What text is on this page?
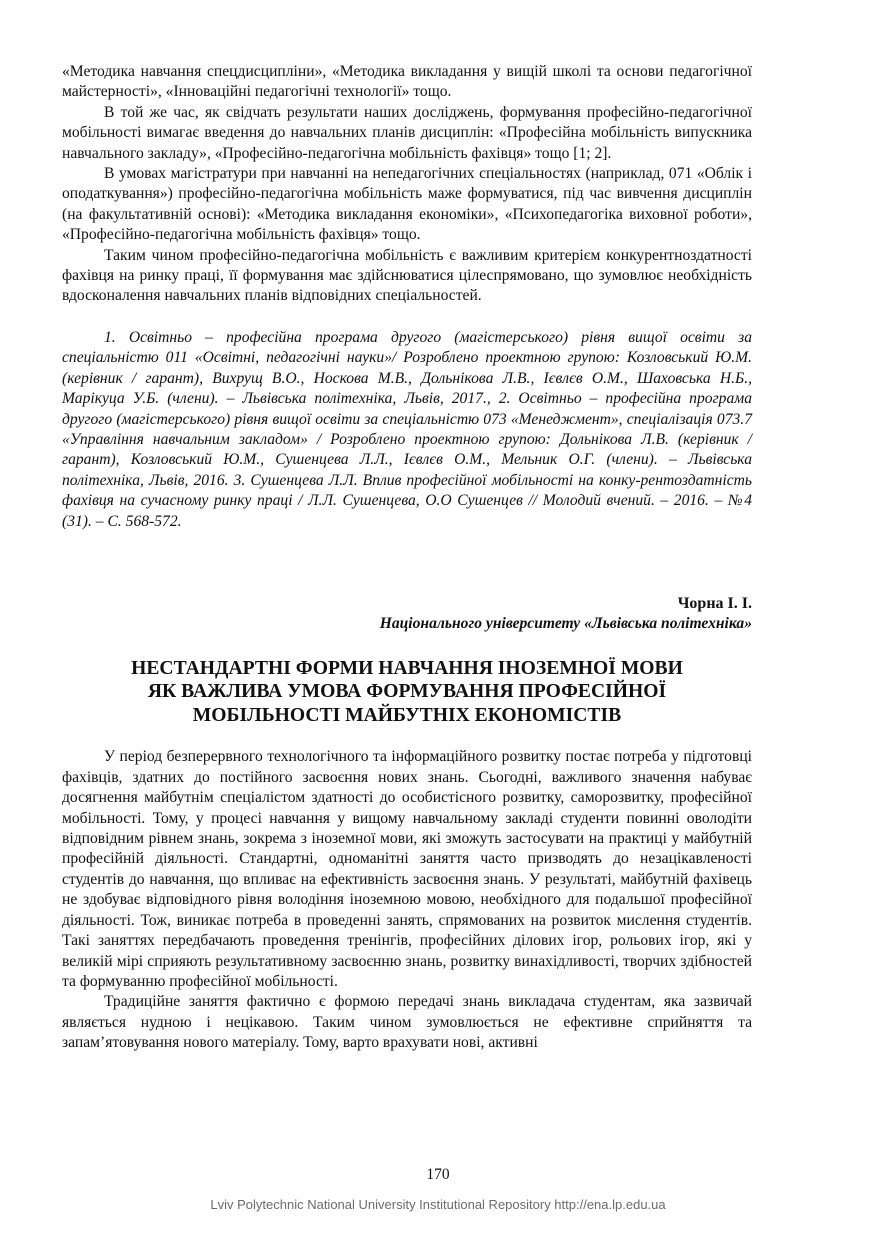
«Методика навчання спецдисципліни», «Методика викладання у вищій школі та основи педагогічної майстерності», «Інноваційні педагогічні технології» тощо.

В той же час, як свідчать результати наших досліджень, формування професійно-педагогічної мобільності вимагає введення до навчальних планів дисциплін: «Професійна мобільність випускника навчального закладу», «Професійно-педагогічна мобільність фахівця» тощо [1; 2].

В умовах магістратури при навчанні на непедагогічних спеціальностях (наприклад, 071 «Облік і оподаткування») професійно-педагогічна мобільність маже формуватися, під час вивчення дисциплін (на факультативній основі): «Методика викладання економіки», «Психопедагогіка виховної роботи», «Професійно-педагогічна мобільність фахівця» тощо.

Таким чином професійно-педагогічна мобільність є важливим критерієм конкурентноздатності фахівця на ринку праці, її формування має здійснюватися цілеспрямовано, що зумовлює необхідність вдосконалення навчальних планів відповідних спеціальностей.

1. Освітньо – професійна програма другого (магістерського) рівня вищої освіти за спеціальністю 011 «Освітні, педагогічні науки»/ Розроблено проектною групою: Козловський Ю.М. (керівник / гарант), Вихрущ В.О., Носкова М.В., Дольнікова Л.В., Ієвлєв О.М., Шаховська Н.Б., Марікуца У.Б. (члени). – Львівська політехніка, Львів, 2017., 2. Освітньо – професійна програма другого (магістерського) рівня вищої освіти за спеціальністю 073 «Менеджмент», спеціалізація 073.7 «Управління навчальним закладом» / Розроблено проектною групою: Дольнікова Л.В. (керівник / гарант), Козловський Ю.М., Сушенцева Л.Л., Ієвлєв О.М., Мельник О.Г. (члени). – Львівська політехніка, Львів, 2016. 3. Сушенцева Л.Л. Вплив професійної мобільності на конку-рентоздатність фахівця на сучасному ринку праці / Л.Л. Сушенцева, О.О Сушенцев // Молодий вчений. – 2016. – №4 (31). – С. 568-572.

Чорна І. І.
Національного університету «Львівська політехніка»
НЕСТАНДАРТНІ ФОРМИ НАВЧАННЯ ІНОЗЕМНОЇ МОВИ
ЯК ВАЖЛИВА УМОВА ФОРМУВАННЯ ПРОФЕСІЙНОЇ
МОБІЛЬНОСТІ МАЙБУТНІХ ЕКОНОМІСТІВ

У період безперервного технологічного та інформаційного розвитку постає потреба у підготовці фахівців, здатних до постійного засвоєння нових знань. Сьогодні, важливого значення набуває досягнення майбутнім спеціалістом здатності до особистісного розвитку, саморозвитку, професійної мобільності. Тому, у процесі навчання у вищому навчальному закладі студенти повинні оволодіти відповідним рівнем знань, зокрема з іноземної мови, які зможуть застосувати на практиці у майбутній професійній діяльності. Стандартні, одноманітні заняття часто призводять до незацікавленості студентів до навчання, що впливає на ефективність засвоєння знань. У результаті, майбутній фахівець не здобуває відповідного рівня володіння іноземною мовою, необхідного для подальшої професійної діяльності. Тож, виникає потреба в проведенні занять, спрямованих на розвиток мислення студентів. Такі заняттях передбачають проведення тренінгів, професійних ділових ігор, рольових ігор, які у великій мірі сприяють результативному засвоєнню знань, розвитку винахідливості, творчих здібностей та формуванню професійної мобільності.

Традиційне заняття фактично є формою передачі знань викладача студентам, яка зазвичай являється нудною і нецікавою. Таким чином зумовлюється не ефективне сприйняття та запам’ятовування нового матеріалу. Тому, варто врахувати нові, активні

170
Lviv Polytechnic National University Institutional Repository http://ena.lp.edu.ua
